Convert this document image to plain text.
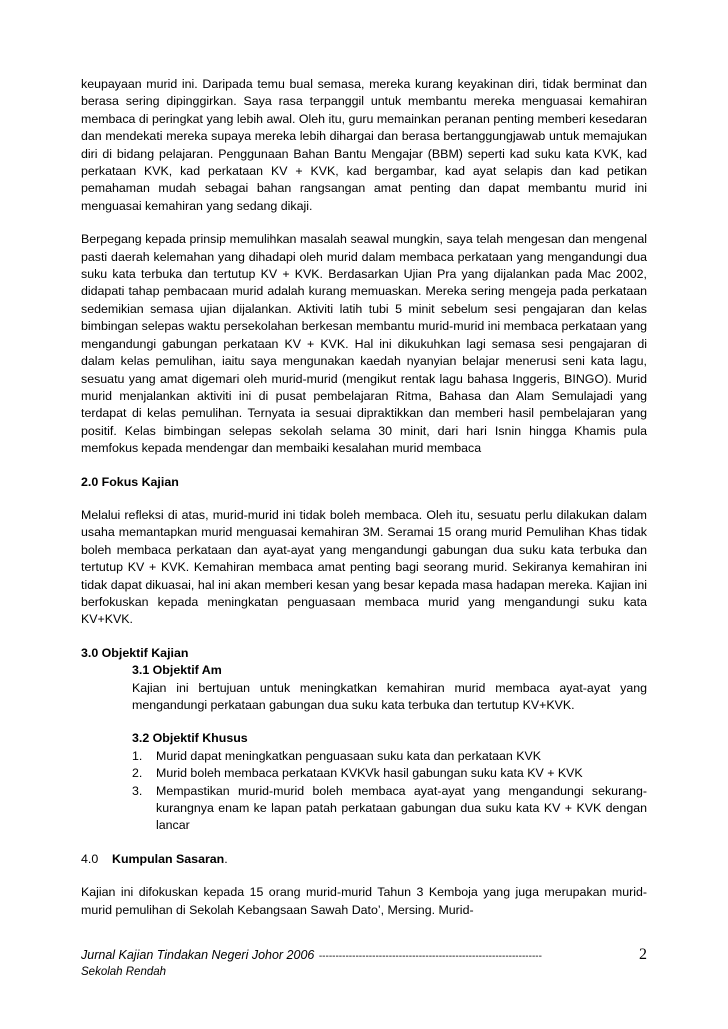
keupayaan murid ini. Daripada temu bual semasa, mereka kurang keyakinan diri, tidak berminat dan berasa sering dipinggirkan. Saya rasa terpanggil untuk membantu mereka menguasai kemahiran membaca di peringkat yang lebih awal. Oleh itu, guru memainkan peranan penting memberi kesedaran dan mendekati mereka supaya mereka lebih dihargai dan berasa bertanggungjawab untuk memajukan diri di bidang pelajaran. Penggunaan Bahan Bantu Mengajar (BBM) seperti kad suku kata KVK, kad perkataan KVK, kad perkataan KV + KVK, kad bergambar, kad ayat selapis dan kad petikan pemahaman mudah sebagai bahan rangsangan amat penting dan dapat membantu murid ini menguasai kemahiran yang sedang dikaji.

Berpegang kepada prinsip memulihkan masalah seawal mungkin, saya telah mengesan dan mengenal pasti daerah kelemahan yang dihadapi oleh murid dalam membaca perkataan yang mengandungi dua suku kata terbuka dan tertutup KV + KVK. Berdasarkan Ujian Pra yang dijalankan pada Mac 2002, didapati tahap pembacaan murid adalah kurang memuaskan. Mereka sering mengeja pada perkataan sedemikian semasa ujian dijalankan. Aktiviti latih tubi 5 minit sebelum sesi pengajaran dan kelas bimbingan selepas waktu persekolahan berkesan membantu murid-murid ini membaca perkataan yang mengandungi gabungan perkataan KV + KVK. Hal ini dikukuhkan lagi semasa sesi pengajaran di dalam kelas pemulihan, iaitu saya mengunakan kaedah nyanyian belajar menerusi seni kata lagu, sesuatu yang amat digemari oleh murid-murid (mengikut rentak lagu bahasa Inggeris, BINGO). Murid murid menjalankan aktiviti ini di pusat pembelajaran Ritma, Bahasa dan Alam Semulajadi yang terdapat di kelas pemulihan. Ternyata ia sesuai dipraktikkan dan memberi hasil pembelajaran yang positif. Kelas bimbingan selepas sekolah selama 30 minit, dari hari Isnin hingga Khamis pula memfokus kepada mendengar dan membaiki kesalahan murid membaca

2.0 Fokus Kajian

Melalui refleksi di atas, murid-murid ini tidak boleh membaca. Oleh itu, sesuatu perlu dilakukan dalam usaha memantapkan murid menguasai kemahiran 3M. Seramai 15 orang murid Pemulihan Khas tidak boleh membaca perkataan dan ayat-ayat yang mengandungi gabungan dua suku kata terbuka dan tertutup KV + KVK. Kemahiran membaca amat penting bagi seorang murid. Sekiranya kemahiran ini tidak dapat dikuasai, hal ini akan memberi kesan yang besar kepada masa hadapan mereka. Kajian ini berfokuskan kepada meningkatan penguasaan membaca murid yang mengandungi suku kata KV+KVK.

3.0 Objektif Kajian

3.1 Objektif Am

Kajian ini bertujuan untuk meningkatkan kemahiran murid membaca ayat-ayat yang mengandungi perkataan gabungan dua suku kata terbuka dan tertutup KV+KVK.

3.2 Objektif Khusus

1. Murid dapat meningkatkan penguasaan suku kata dan perkataan KVK
2. Murid boleh membaca perkataan KVKVk hasil gabungan suku kata KV + KVK
3. Mempastikan murid-murid boleh membaca ayat-ayat yang mengandungi sekurang-kurangnya enam ke lapan patah perkataan gabungan dua suku kata KV + KVK dengan lancar

4.0 Kumpulan Sasaran.

Kajian ini difokuskan kepada 15 orang murid-murid Tahun 3 Kemboja yang juga merupakan murid-murid pemulihan di Sekolah Kebangsaan Sawah Dato’, Mersing. Murid-

Jurnal Kajian Tindakan Negeri Johor 2006 -------------------------------------------------------------------	2
Sekolah Rendah
